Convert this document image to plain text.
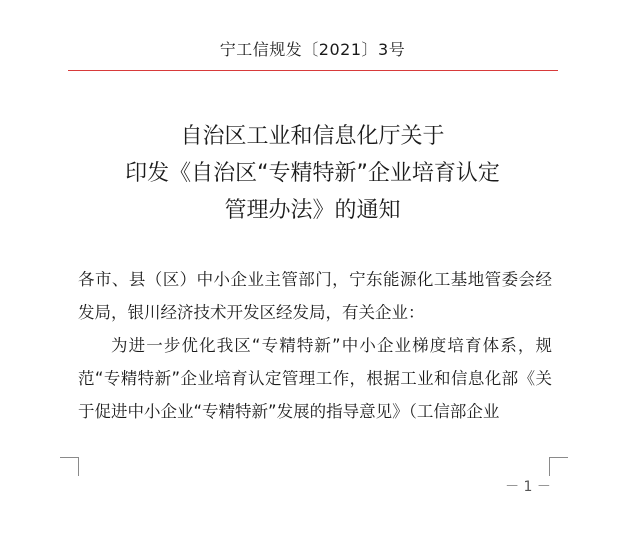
宁工信规发〔2021〕3号
自治区工业和信息化厅关于
印发《自治区“专精特新”企业培育认定
管理办法》的通知

各市、县（区）中小企业主管部门，宁东能源化工基地管委会经发局，银川经济技术开发区经发局，有关企业：

为进一步优化我区“专精特新”中小企业梯度培育体系，规范“专精特新”企业培育认定管理工作，根据工业和信息化部《关于促进中小企业“专精特新”发展的指导意见》（工信部企业

－ 1 －
